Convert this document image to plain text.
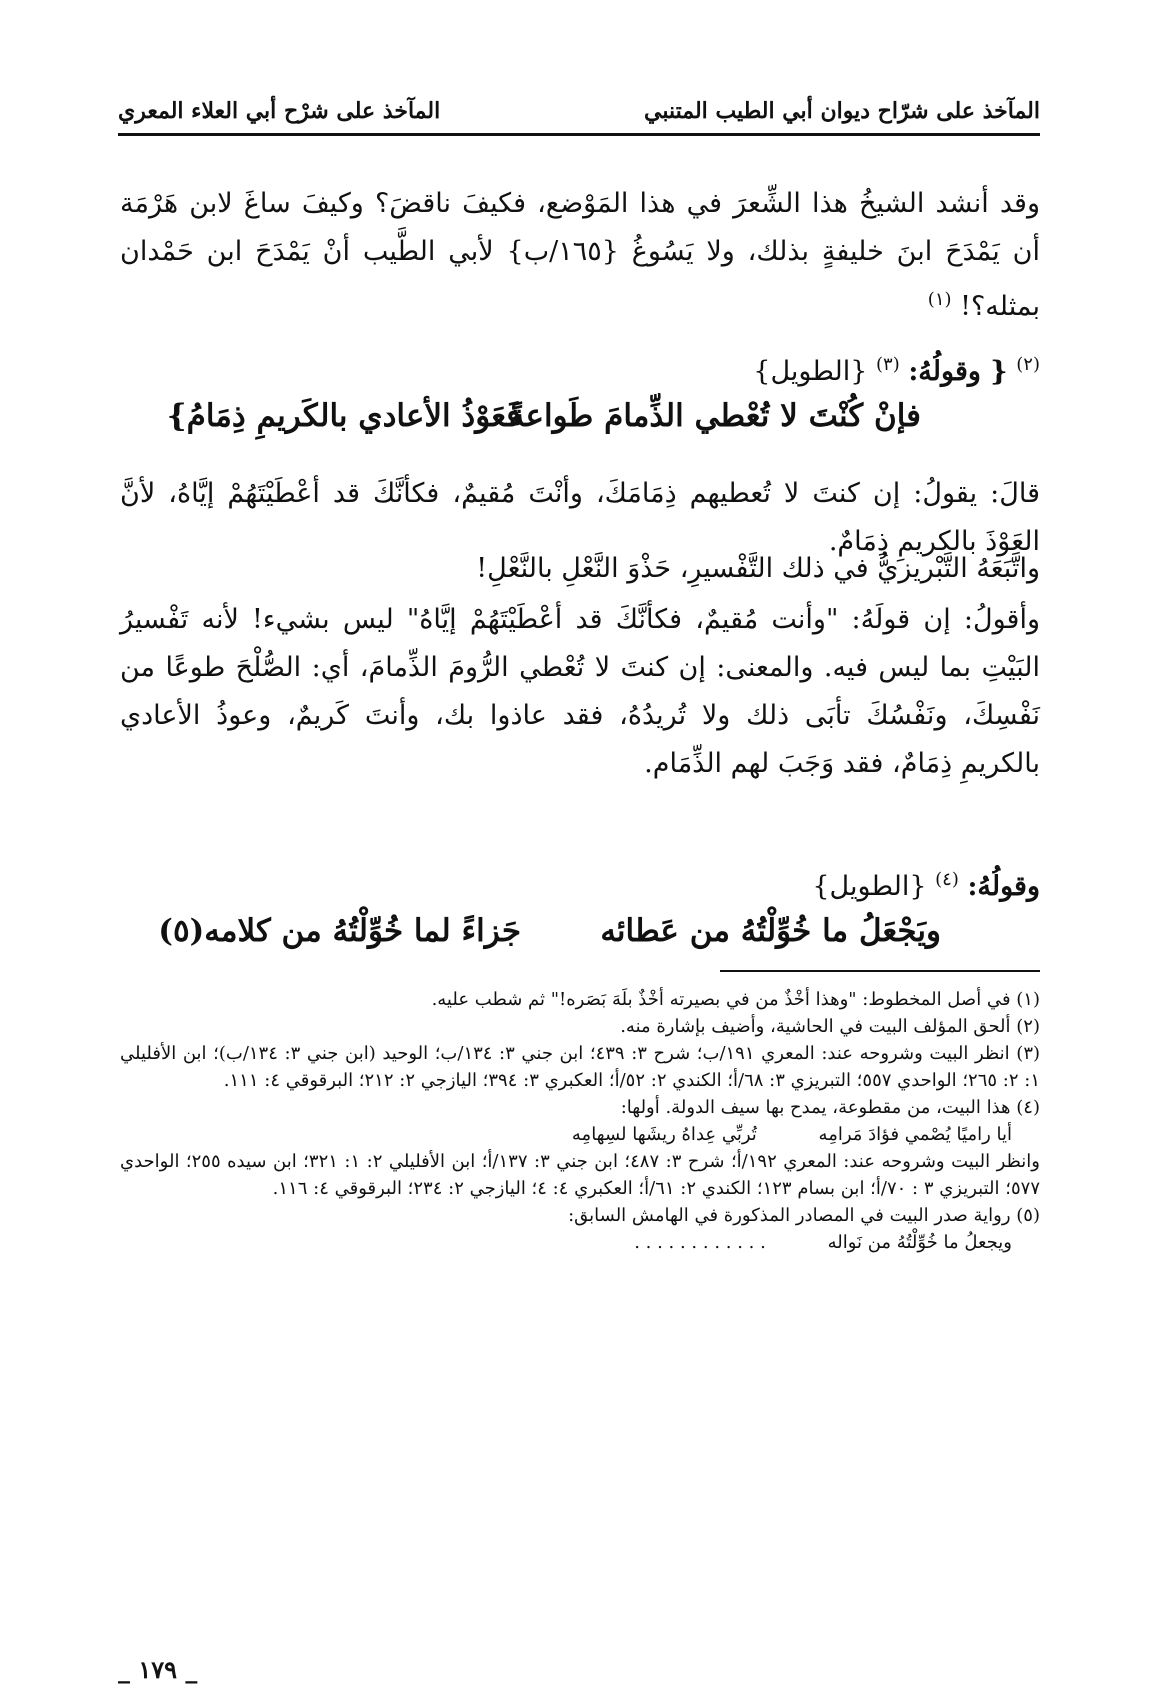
المآخذ على شرّاح ديوان أبي الطيب المتنبي
المآخذ على شرْح أبي العلاء المعري
وقد أنشد الشيخُ هذا الشِّعرَ في هذا المَوْضع، فكيفَ ناقضَ؟ وكيفَ ساغَ لابن هَرْمَة أن يَمْدَحَ ابنَ خليفةٍ بذلك، ولا يَسُوغُ {١٦٥/ب} لأبي الطَّيب أنْ يَمْدَحَ ابن حَمْدان بمثله؟! $^{(١)}$
$^{(٢)}$ { وقولُهُ: $^{(٣)}$ {الطويل}
فإنْ كُنْتَ لا تُعْطي الذِّمامَ طَواعةً
فَعَوْذُ الأعادي بالكَريمِ ذِمَامُ}
قالَ: يقولُ: إن كنتَ لا تُعطيهم ذِمَامَكَ، وأنْتَ مُقيمٌ، فكأنَّكَ قد أعْطَيْتَهُمْ إيَّاهُ، لأنَّ العَوْذَ بالكريمِ ذِمَامٌ.
واتَّبَعَهُ التَّبْريزيُّ في ذلك التَّفْسيرِ، حَذْوَ النَّعْلِ بالنَّعْلِ!
وأقولُ: إن قولَهُ: "وأنت مُقيمٌ، فكأنَّكَ قد أعْطَيْتَهُمْ إيَّاهُ" ليس بشيء! لأنه تَفْسيرُ البَيْتِ بما ليس فيه. والمعنى: إن كنتَ لا تُعْطي الرُّومَ الذِّمامَ، أي: الصُّلْحَ طوعًا من نَفْسِكَ، ونَفْسُكَ تأبَى ذلك ولا تُريدُهُ، فقد عاذوا بك، وأنتَ كَريمٌ، وعوذُ الأعادي بالكريمِ ذِمَامٌ، فقد وَجَبَ لهم الذِّمَام.
وقولُهُ: $^{(٤)}$ {الطويل}
ويَجْعَلُ ما خُوِّلْتُهُ من عَطائه
جَزاءً لما خُوِّلْتُهُ من كلامه(٥)

(١) في أصل المخطوط: "وهذا أخْذٌ من في بصيرته أخْذٌ بلَهَ بَصَره!" ثم شطب عليه.

(٢) ألحق المؤلف البيت في الحاشية، وأضيف بإشارة منه.

(٣) انظر البيت وشروحه عند: المعري ١٩١/ب؛ شرح ٣: ٤٣٩؛ ابن جني ٣: ١٣٤/ب؛ الوحيد (ابن جني ٣: ١٣٤/ب)؛ ابن الأفليلي ١: ٢: ٢٦٥؛ الواحدي ٥٥٧؛ التبريزي ٣: ٦٨/أ؛ الكندي ٢: ٥٢/أ؛ العكبري ٣: ٣٩٤؛ اليازجي ٢: ٢١٢؛ البرقوقي ٤: ١١١.

(٤) هذا البيت، من مقطوعة، يمدح بها سيف الدولة. أولها:

أيا راميًا يُصْمي فؤادَ مَرامِه تُربِّي عِداهُ ريشَها لسِهامِه

وانظر البيت وشروحه عند: المعري ١٩٢/أ؛ شرح ٣: ٤٨٧؛ ابن جني ٣: ١٣٧/أ؛ ابن الأفليلي ٢: ١: ٣٢١؛ ابن سيده ٢٥٥؛ الواحدي ٥٧٧؛ التبريزي ٣ : ٧٠/أ؛ ابن بسام ١٢٣؛ الكندي ٢: ٦١/أ؛ العكبري ٤: ٤؛ اليازجي ٢: ٢٣٤؛ البرقوقي ٤: ١١٦.

(٥) رواية صدر البيت في المصادر المذكورة في الهامش السابق:

ويجعلُ ما خُوِّلْتُهُ من نَواله . . . . . . . . . . . .

_ ١٧٩ _
